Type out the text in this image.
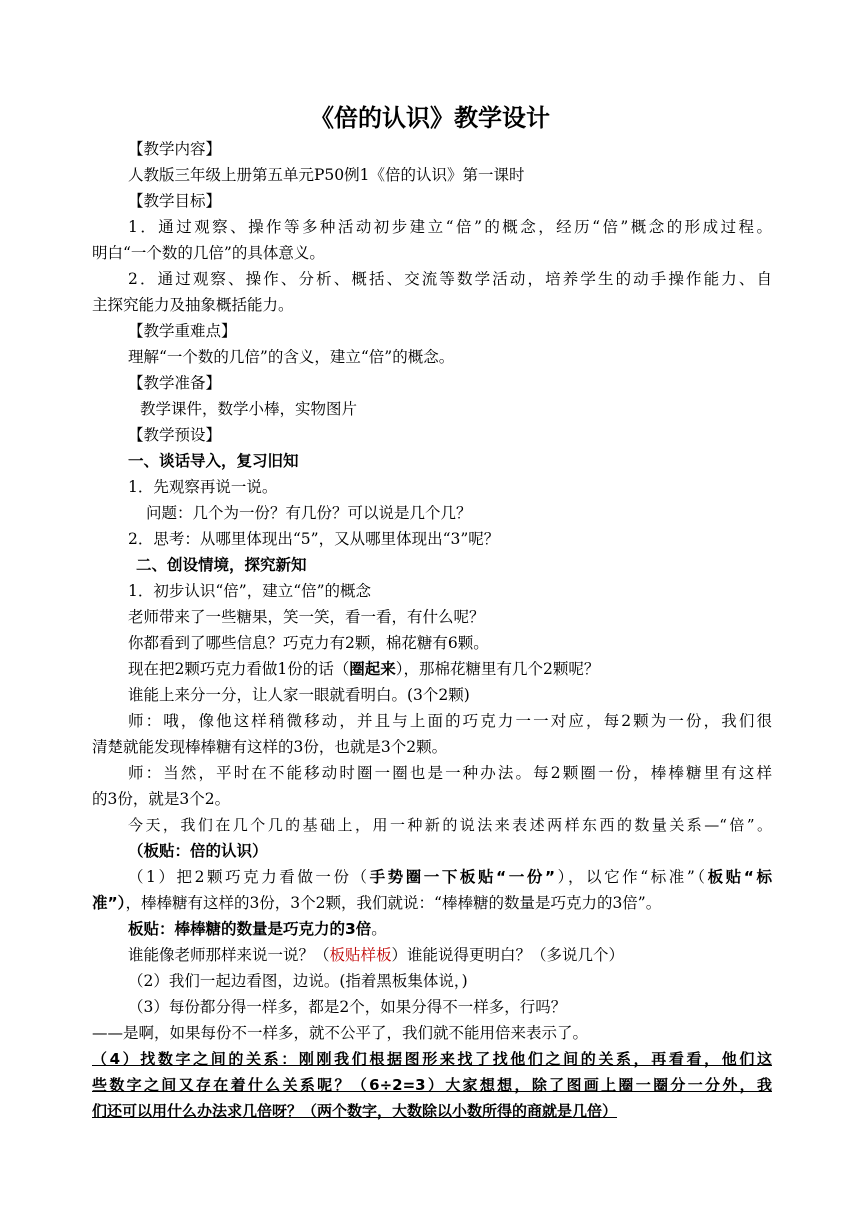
《倍的认识》教学设计
【教学内容】
人教版三年级上册第五单元P50例1《倍的认识》第一课时
【教学目标】
1．通过观察、操作等多种活动初步建立“倍”的概念，经历“倍”概念的形成过程。
明白“一个数的几倍”的具体意义。
2．通过观察、操作、分析、概括、交流等数学活动，培养学生的动手操作能力、自
主探究能力及抽象概括能力。
【教学重难点】
理解“一个数的几倍”的含义，建立“倍”的概念。
【教学准备】
教学课件，数学小棒，实物图片
【教学预设】
一、谈话导入，复习旧知
1．先观察再说一说。
问题：几个为一份？有几份？可以说是几个几？
2．思考：从哪里体现出“5”，又从哪里体现出“3”呢？
二、创设情境，探究新知
1．初步认识“倍”，建立“倍”的概念
老师带来了一些糖果，笑一笑，看一看，有什么呢？
你都看到了哪些信息？巧克力有2颗，棉花糖有6颗。
现在把2颗巧克力看做1份的话（圈起来），那棉花糖里有几个2颗呢？
谁能上来分一分，让人家一眼就看明白。(3个2颗)
师：哦，像他这样稍微移动，并且与上面的巧克力一一对应，每2颗为一份，我们很
清楚就能发现棒棒糖有这样的3份，也就是3个2颗。
师：当然，平时在不能移动时圈一圈也是一种办法。每2颗圈一份，棒棒糖里有这样
的3份，就是3个2。
今天，我们在几个几的基础上，用一种新的说法来表述两样东西的数量关系—“倍”。
（板贴：倍的认识）
（1）把2颗巧克力看做一份（手势圈一下板贴“一份”），以它作“标准”（板贴“标
准”），棒棒糖有这样的3份，3个2颗，我们就说：“棒棒糖的数量是巧克力的3倍”。
板贴：棒棒糖的数量是巧克力的3倍。
谁能像老师那样来说一说？（板贴样板）谁能说得更明白？（多说几个）
（2）我们一起边看图，边说。(指着黑板集体说，)
（3）每份都分得一样多，都是2个，如果分得不一样多，行吗？
——是啊，如果每份不一样多，就不公平了，我们就不能用倍来表示了。
（4）找数字之间的关系：刚刚我们根据图形来找了找他们之间的关系，再看看，他们这
些数字之间又存在着什么关系呢？（6÷2=3）大家想想，除了图画上圈一圈分一分外，我
们还可以用什么办法求几倍呀？（两个数字，大数除以小数所得的商就是几倍）
